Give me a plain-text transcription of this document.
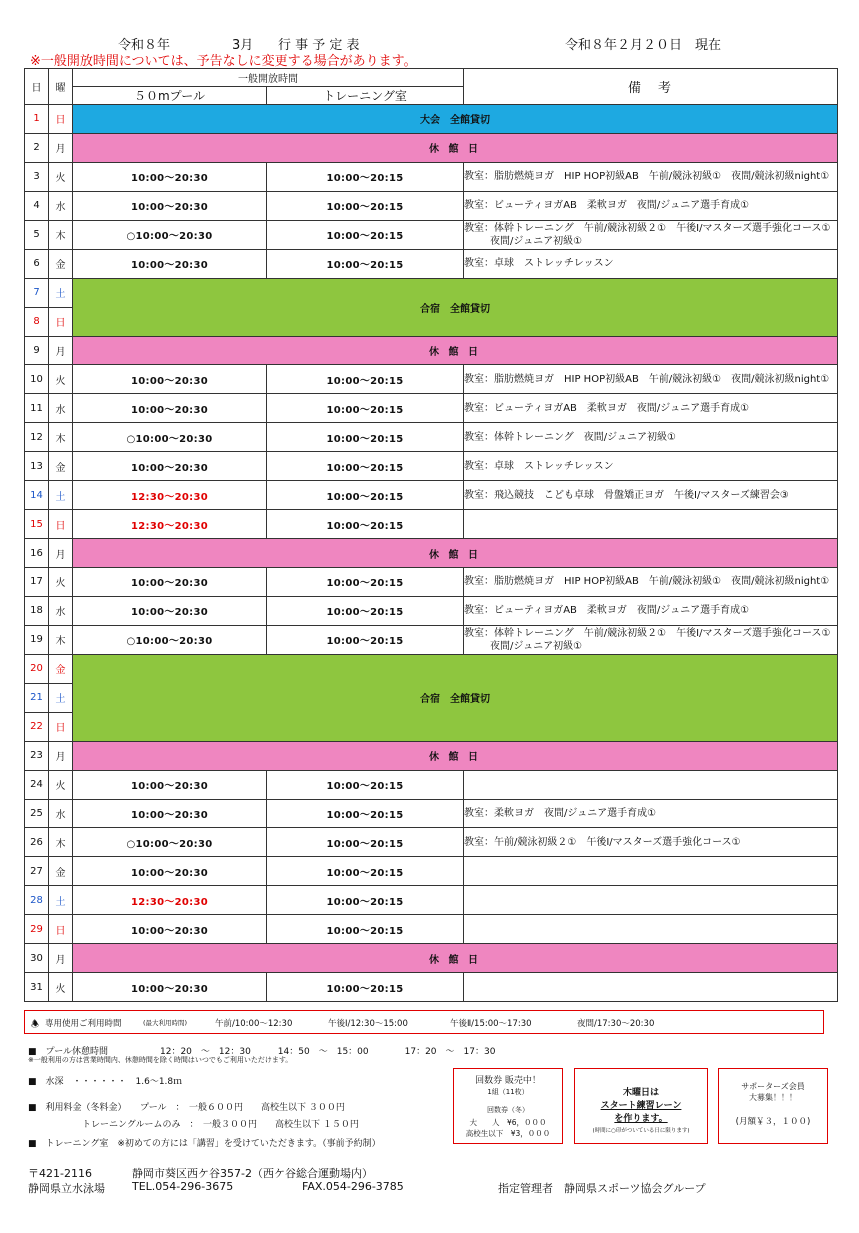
令和８年	3月 行 事 予 定 表	令和８年２月２０日　現在
※一般開放時間については、予告なしに変更する場合があります。
日	曜	一般開放時間		備　考
		５０mプール	トレーニング室	
1	日	大会　全館貸切		
2	月	休 館 日		
3	火	10:00～20:30	10:00～20:15	教室：脂肪燃焼ヨガ　HIP HOP初級AB　午前/競泳初級①　夜間/競泳初級night①

4	水	10:00～20:30	10:00～20:15	教室：ビューティヨガAB　柔軟ヨガ　夜間/ジュニア選手育成①

5	木	○10:00～20:30	10:00～20:15	教室：体幹トレーニング　午前/競泳初級２①　午後Ⅰ/マスターズ選手強化コース①
夜間/ジュニア初級①

6	金	10:00～20:30	10:00～20:15	教室：卓球　ストレッチレッスン

7	土	合宿　全館貸切		
8	日			
9	月	休 館 日		
10	火	10:00～20:30	10:00～20:15	教室：脂肪燃焼ヨガ　HIP HOP初級AB　午前/競泳初級①　夜間/競泳初級night①

11	水	10:00～20:30	10:00～20:15	教室：ビューティヨガAB　柔軟ヨガ　夜間/ジュニア選手育成①

12	木	○10:00～20:30	10:00～20:15	教室：体幹トレーニング　夜間/ジュニア初級①

13	金	10:00～20:30	10:00～20:15	教室：卓球　ストレッチレッスン

14	土	12:30～20:30	10:00～20:15	教室：飛込競技　こども卓球　骨盤矯正ヨガ　午後Ⅰ/マスターズ練習会③

15	日	12:30～20:30	10:00～20:15	

16	月	休 館 日		
17	火	10:00～20:30	10:00～20:15	教室：脂肪燃焼ヨガ　HIP HOP初級AB　午前/競泳初級①　夜間/競泳初級night①

18	水	10:00～20:30	10:00～20:15	教室：ビューティヨガAB　柔軟ヨガ　夜間/ジュニア選手育成①

19	木	○10:00～20:30	10:00～20:15	教室：体幹トレーニング　午前/競泳初級２①　午後Ⅰ/マスターズ選手強化コース①
夜間/ジュニア初級①

20	金	合宿　全館貸切		
21	土			
22	日			
23	月	休 館 日		
24	火	10:00～20:30	10:00～20:15	

25	水	10:00～20:30	10:00～20:15	教室：柔軟ヨガ　夜間/ジュニア選手育成①

26	木	○10:00～20:30	10:00～20:15	教室：午前/競泳初級２①　午後Ⅰ/マスターズ選手強化コース①

27	金	10:00～20:30	10:00～20:15	

28	土	12:30～20:30	10:00～20:15	

29	日	10:00～20:30	10:00～20:15	

30	月	休 館 日		
31	火	10:00～20:30	10:00～20:15	
🕭 専用使用ご利用時間	(最大利用時間)	午前/10:00～12:30	午後Ⅰ/12:30～15:00	午後Ⅱ/15:00～17:30	夜間/17:30～20:30
■　プール休憩時間	12：20　～　12：30　　　14：50　～　15：00　　　　17：20　～　17：30
※一般利用の方は営業時間内、休憩時間を除く時間はいつでもご利用いただけます。
■　水深　・・・・・・　1.6～1.8ｍ
■　利用料金（冬料金）　　プール　：　一般６００円　　高校生以下 ３００円
トレーニングルームのみ　：　一般３００円　　高校生以下 １５０円
■　トレーニング室　※初めての方には「講習」を受けていただきます。（事前予約制）
回数券 販売中！
1組（11枚）
回数券（冬）
大　　人　¥6，０００
高校生以下　¥3，０００
木曜日は
スタート練習レーン
を作ります。
(時間に○印がついている日に限ります)
サポーターズ会員
大募集！！！
(月額￥３，１００)
〒421-2116	静岡市葵区西ケ谷357-2（西ケ谷総合運動場内）
静岡県立水泳場 TEL.054-296-3675	FAX.054-296-3785	指定管理者　静岡県スポーツ協会グループ
